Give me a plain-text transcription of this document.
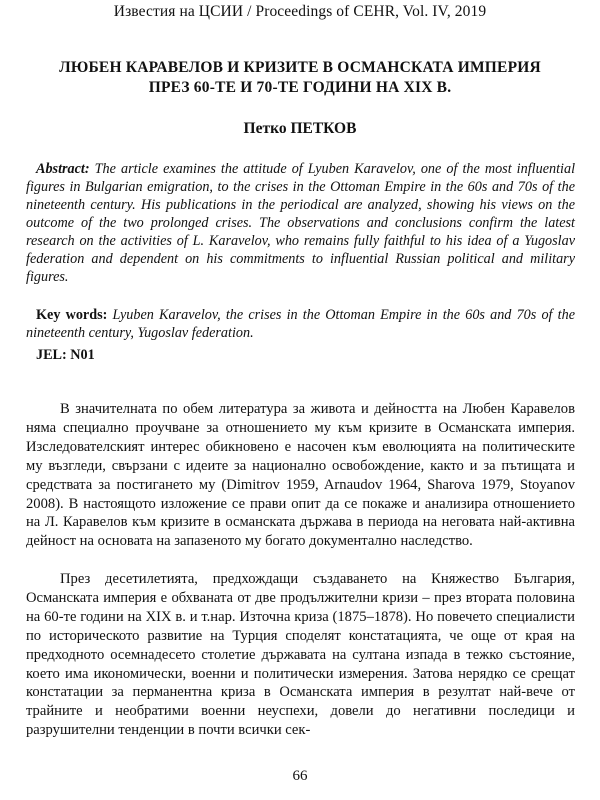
Известия на ЦСИИ / Proceedings of CEHR, Vol. IV, 2019
ЛЮБЕН КАРАВЕЛОВ И КРИЗИТЕ В ОСМАНСКАТА ИМПЕРИЯ
ПРЕЗ 60-ТЕ И 70-ТЕ ГОДИНИ НА XIX В.
Петко ПЕТКОВ

Abstract: The article examines the attitude of Lyuben Karavelov, one of the most influential figures in Bulgarian emigration, to the crises in the Ottoman Empire in the 60s and 70s of the nineteenth century. His publications in the periodical are analyzed, showing his views on the outcome of the two prolonged crises. The observations and conclusions confirm the latest research on the activities of L. Karavelov, who remains fully faithful to his idea of a Yugoslav federation and dependent on his commitments to influential Russian political and military figures.

Key words: Lyuben Karavelov, the crises in the Ottoman Empire in the 60s and 70s of the nineteenth century, Yugoslav federation.

JEL: N01

В значителната по обем литература за живота и дейността на Любен Каравелов няма специално проучване за отношението му към кризите в Османската империя. Изследователският интерес обикновено е насочен към еволюцията на политическите му възгледи, свързани с идеите за национално освобождение, както и за пътищата и средствата за постигането му (Dimitrov 1959, Arnaudov 1964, Sharova 1979, Stoyanov 2008). В настоящото изложение се прави опит да се покаже и анализира отношението на Л. Каравелов към кризите в османската държава в периода на неговата най-активна дейност на основата на запазеното му богато документално наследство.

През десетилетията, предхождащи създаването на Княжество България, Османската империя е обхваната от две продължителни кризи – през втората половина на 60-те години на XIX в. и т.нар. Източна криза (1875–1878). Но повечето специалисти по историческото развитие на Турция споделят констатацията, че още от края на предходното осемнадесето столетие държавата на султана изпада в тежко състояние, което има икономически, военни и политически измерения. Затова нерядко се срещат констатации за перманентна криза в Османската империя в резултат най-вече от трайните и необратими военни неуспехи, довели до негативни последици и разрушителни тенденции в почти всички сек-

66
